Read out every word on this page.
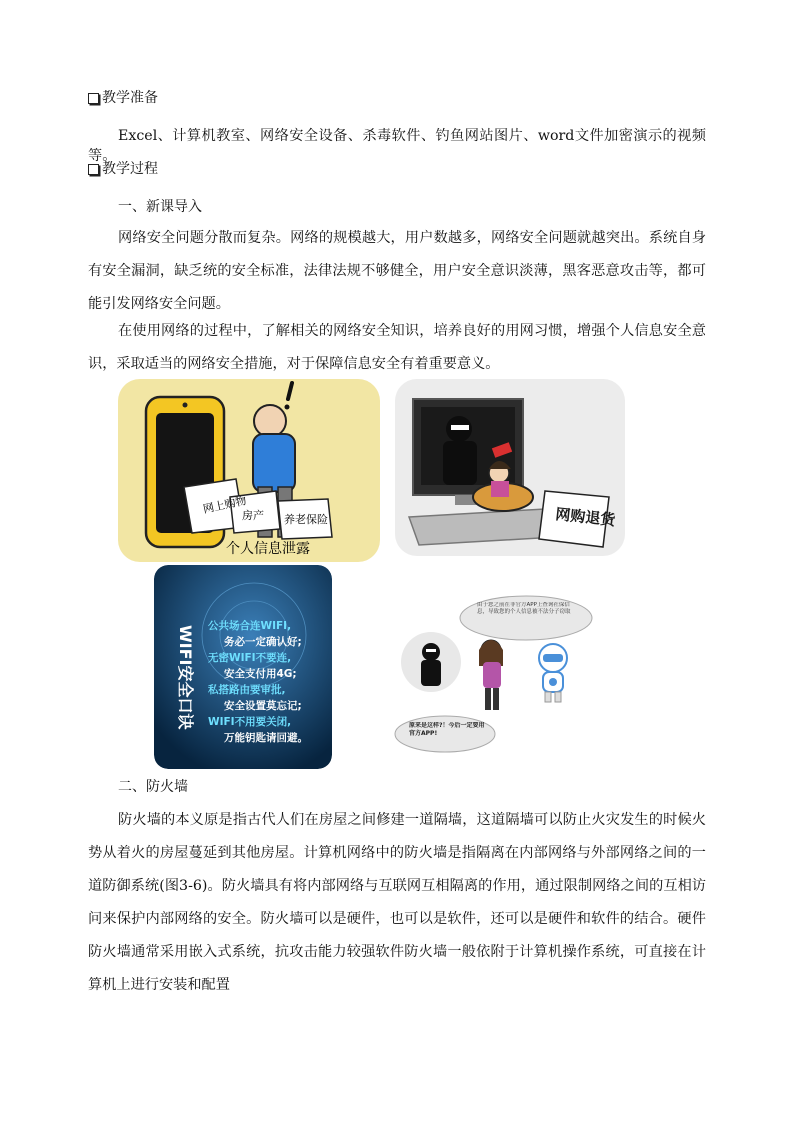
教学准备
Excel、计算机教室、网络安全设备、杀毒软件、钓鱼网站图片、word文件加密演示的视频等。
教学过程
一、新课导入
网络安全问题分散而复杂。网络的规模越大，用户数越多，网络安全问题就越突出。系统自身有安全漏洞，缺乏统的安全标准，法律法规不够健全，用户安全意识淡薄，黑客恶意攻击等，都可能引发网络安全问题。
在使用网络的过程中，了解相关的网络安全知识，培养良好的用网习惯，增强个人信息安全意识，采取适当的网络安全措施，对于保障信息安全有着重要意义。
网上购物
房产 养老保险
个人信息泄露
网购退货
WIFI安全口诀 公共场合连WIFI,
务必一定确认好;
无密WIFI不要连,
安全支付用4G;
私搭路由要审批,
安全设置莫忘记;
WIFI不用要关闭,
万能钥匙请回避。
由于您之前在非官方APP上查询社保信息，导致您的个人信息被不法分子窃取
原来是这样?！今后一定要用官方APP!
二、防火墙
防火墙的本义原是指古代人们在房屋之间修建一道隔墙，这道隔墙可以防止火灾发生的时候火势从着火的房屋蔓延到其他房屋。计算机网络中的防火墙是指隔离在内部网络与外部网络之间的一道防御系统(图3-6)。防火墙具有将内部网络与互联网互相隔离的作用，通过限制网络之间的互相访问来保护内部网络的安全。防火墙可以是硬件，也可以是软件，还可以是硬件和软件的结合。硬件防火墙通常采用嵌入式系统，抗攻击能力较强软件防火墙一般依附于计算机操作系统，可直接在计算机上进行安装和配置
